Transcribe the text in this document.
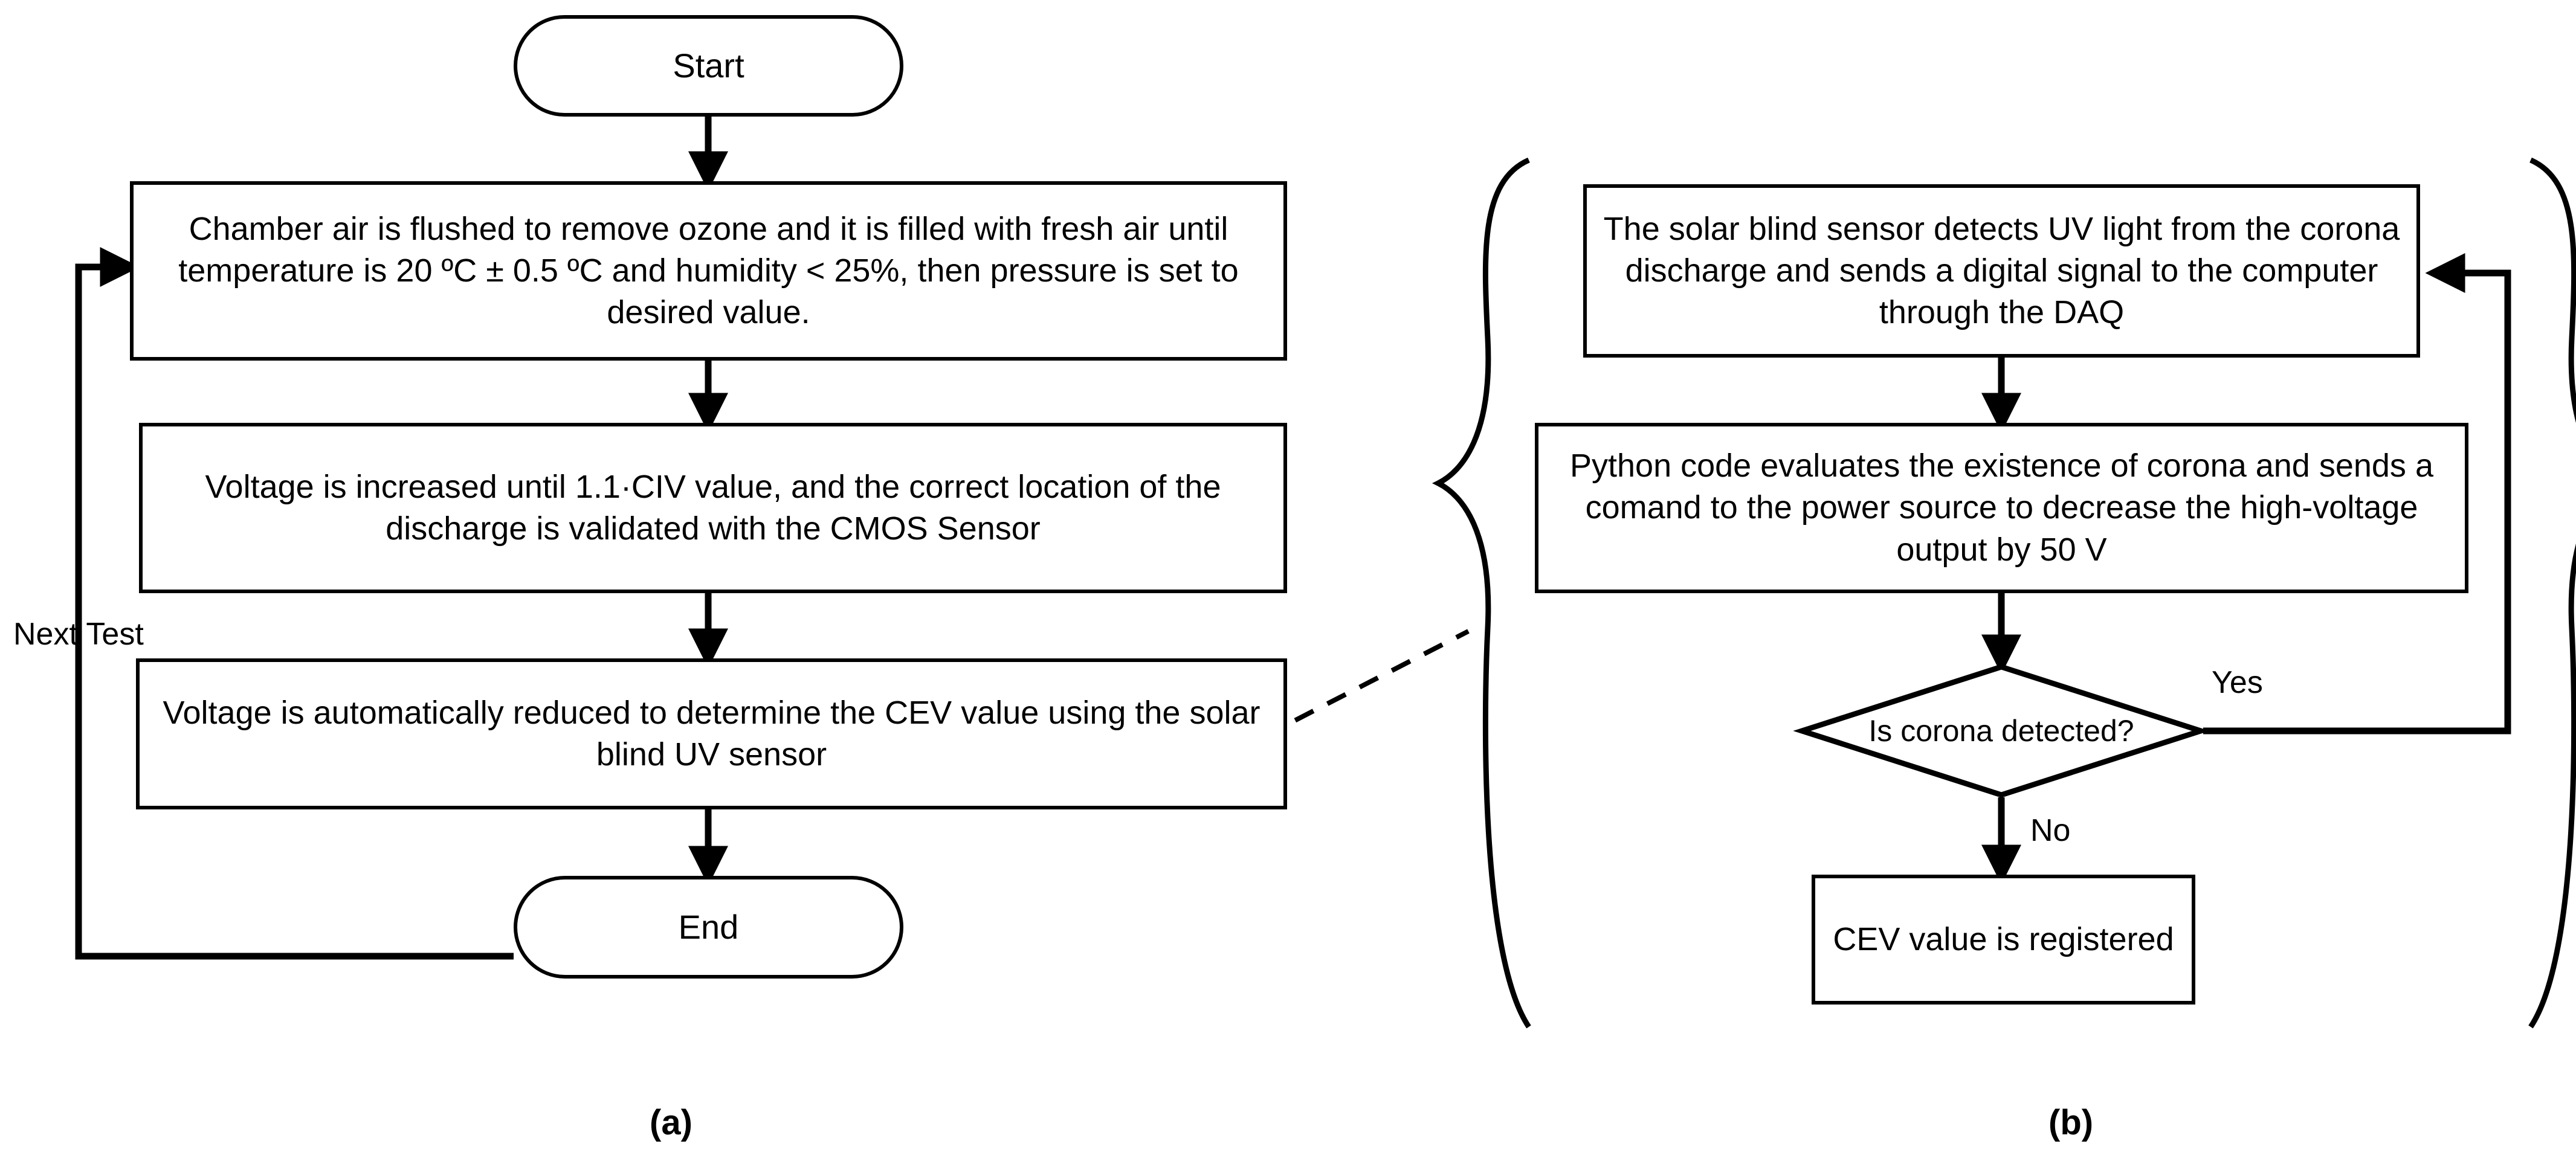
Start
Chamber air is flushed to remove ozone and it is filled with fresh air until temperature is 20 ºC ± 0.5 ºC and humidity < 25%, then pressure is set to desired value.
Voltage is increased until 1.1·CIV value, and the correct location of the discharge is validated with the CMOS Sensor
Voltage is automatically reduced to determine the CEV value using the solar blind UV sensor
End
Next Test
(a)
The solar blind sensor detects UV light from the corona discharge and sends a digital signal to the computer through the DAQ
Python code evaluates the existence of corona and sends a comand to the power source to decrease the high-voltage output by 50 V
Is corona detected?
CEV value is registered
Yes
No
(b)
